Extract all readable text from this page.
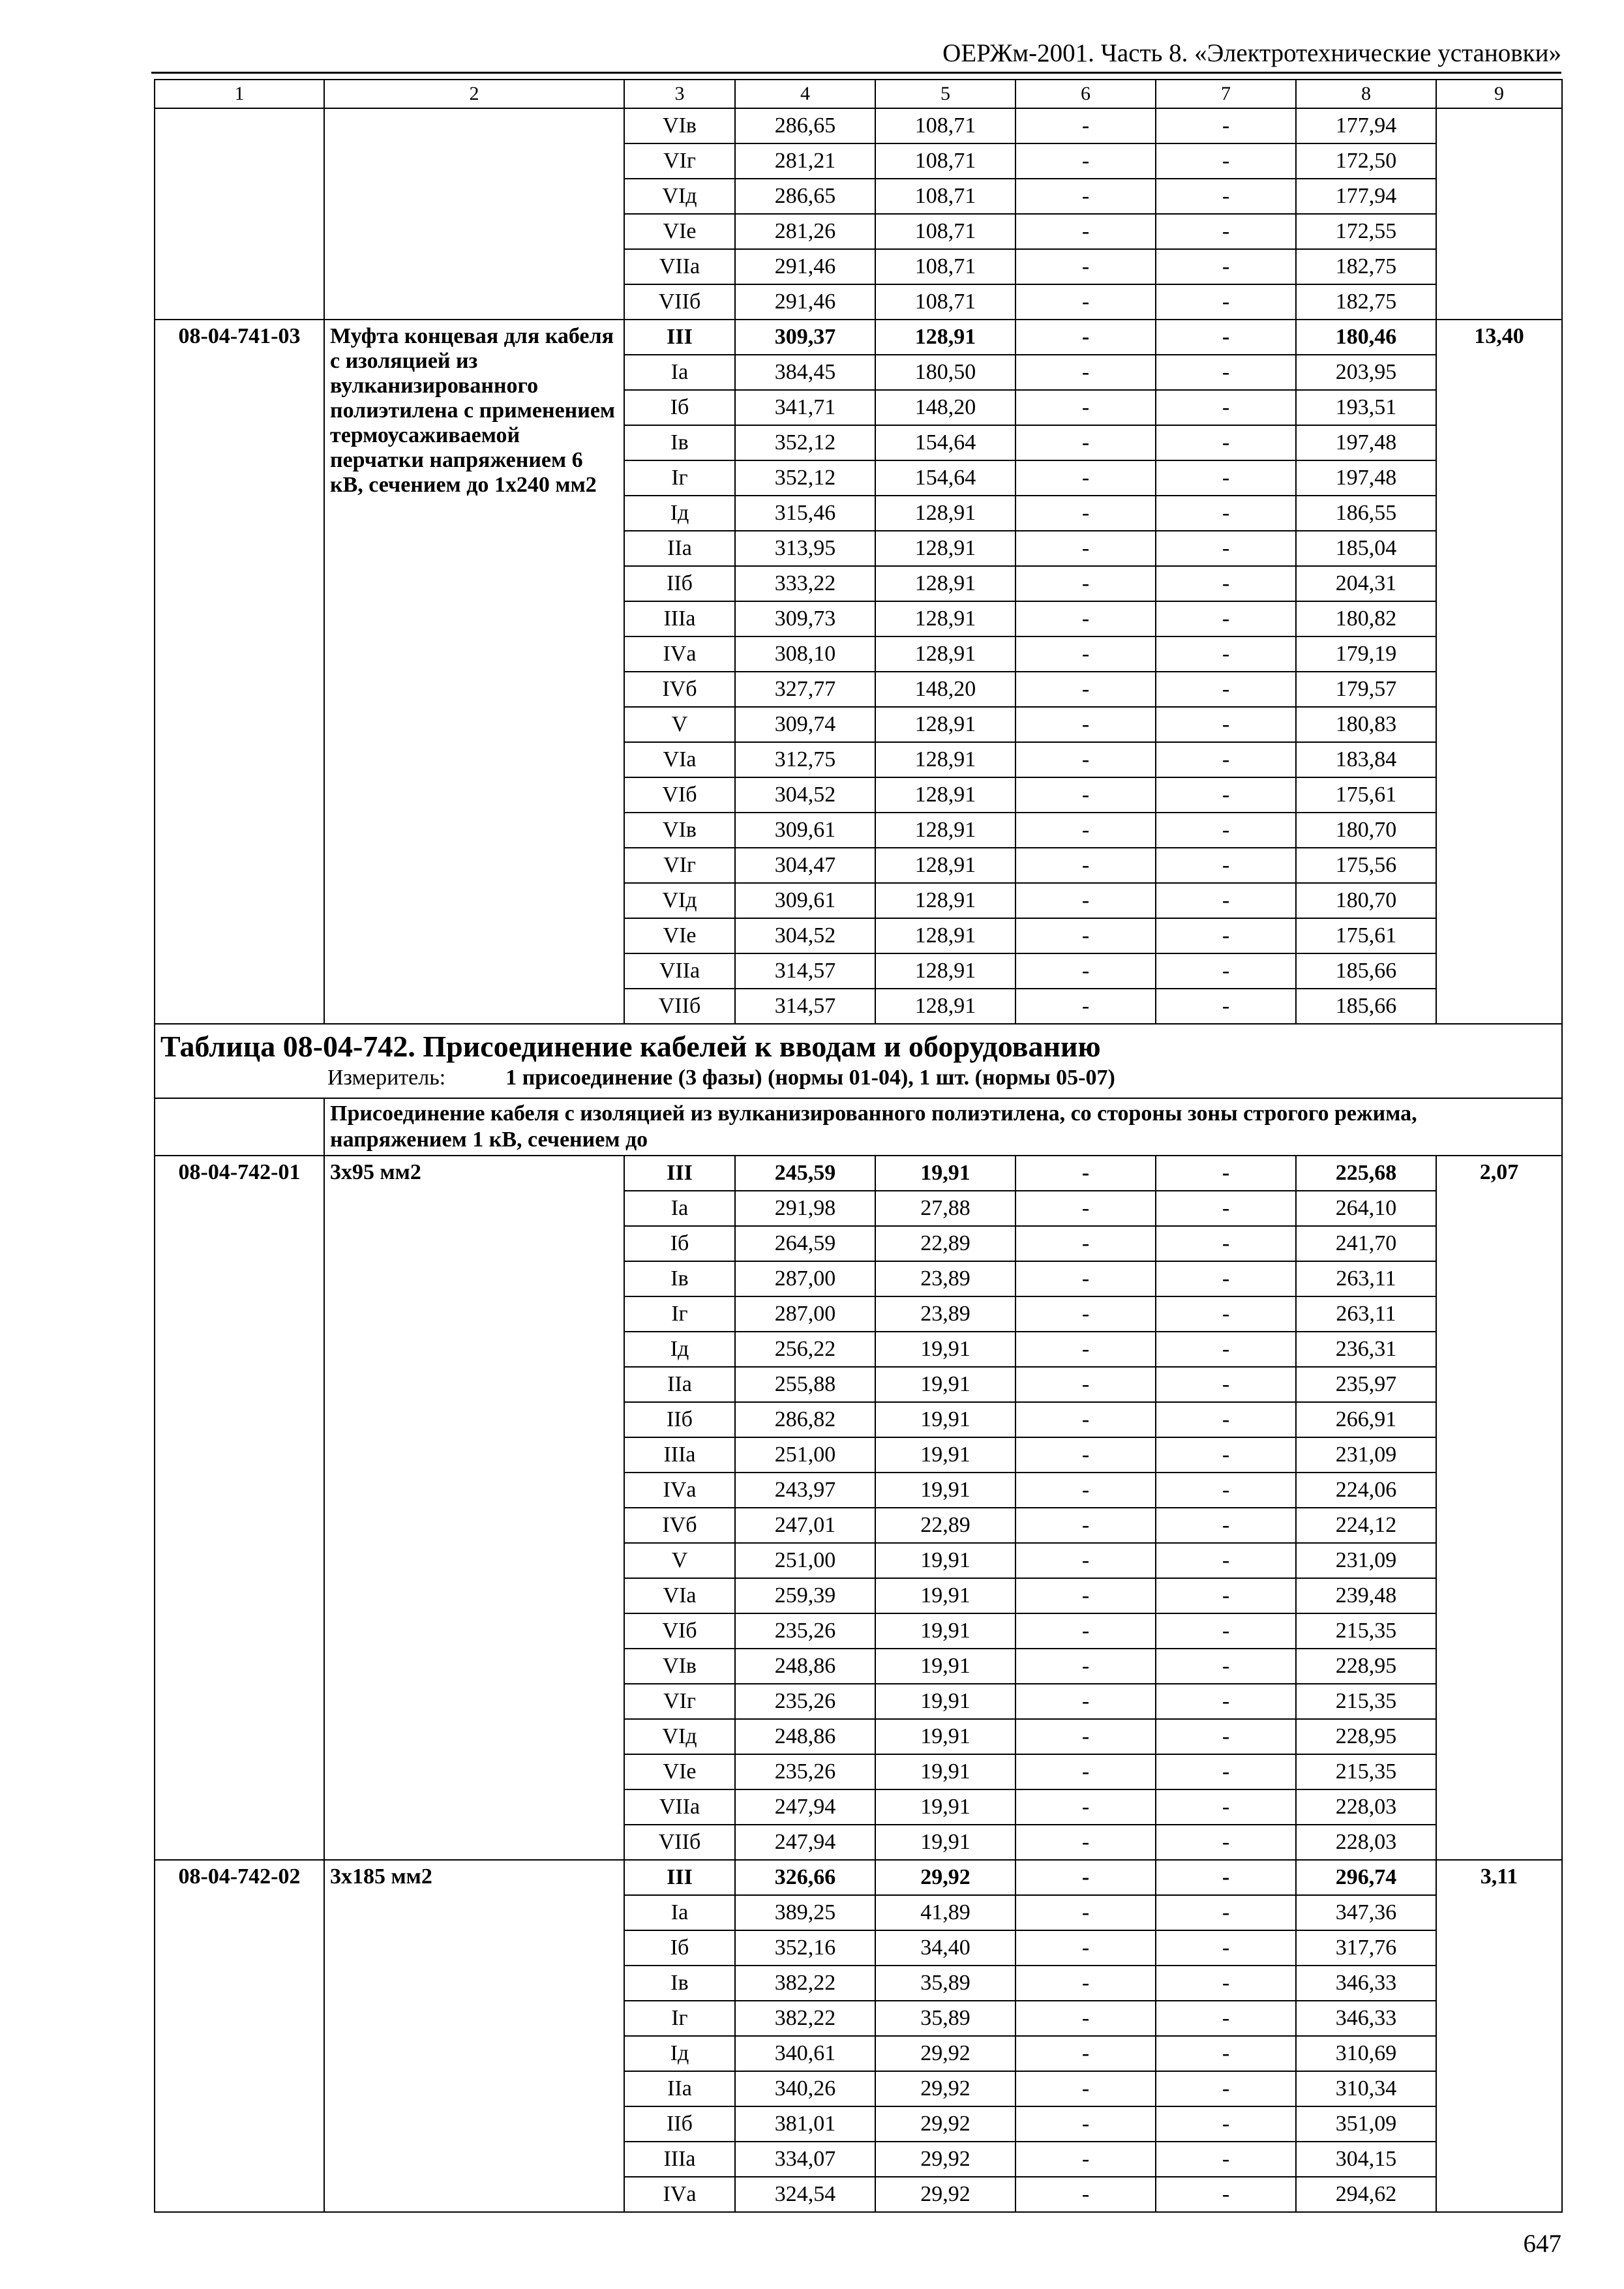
ОЕРЖм-2001. Часть 8. «Электротехнические установки»
1	2	3	4	5	6	7	8	9
		VIв	286,65	108,71	-	-	177,94	
		VIг	281,21	108,71	-	-	172,50	
		VIд	286,65	108,71	-	-	177,94	
		VIе	281,26	108,71	-	-	172,55	
		VIIа	291,46	108,71	-	-	182,75	
		VIIб	291,46	108,71	-	-	182,75	
08-04-741-03	Муфта концевая для кабеля с изоляцией из вулканизированного полиэтилена с применением термоусаживаемой перчатки напряжением 6 кВ, сечением до 1х240 мм2	III	309,37	128,91	-	-	180,46	13,40
		Iа	384,45	180,50	-	-	203,95	
		Iб	341,71	148,20	-	-	193,51	
		Iв	352,12	154,64	-	-	197,48	
		Iг	352,12	154,64	-	-	197,48	
		Iд	315,46	128,91	-	-	186,55	
		IIа	313,95	128,91	-	-	185,04	
		IIб	333,22	128,91	-	-	204,31	
		IIIа	309,73	128,91	-	-	180,82	
		IVа	308,10	128,91	-	-	179,19	
		IVб	327,77	148,20	-	-	179,57	
		V	309,74	128,91	-	-	180,83	
		VIа	312,75	128,91	-	-	183,84	
		VIб	304,52	128,91	-	-	175,61	
		VIв	309,61	128,91	-	-	180,70	
		VIг	304,47	128,91	-	-	175,56	
		VIд	309,61	128,91	-	-	180,70	
		VIе	304,52	128,91	-	-	175,61	
		VIIа	314,57	128,91	-	-	185,66	
		VIIб	314,57	128,91	-	-	185,66	

Таблица 08-04-742. Присоединение кабелей к вводам и оборудованию
Измеритель: 1 присоединение (3 фазы) (нормы 01-04), 1 шт. (нормы 05-07)								

	Присоединение кабеля с изоляцией из вулканизированного полиэтилена, со стороны зоны строгого режима, напряжением 1 кВ, сечением до							
08-04-742-01	3х95 мм2	III	245,59	19,91	-	-	225,68	2,07
		Iа	291,98	27,88	-	-	264,10	
		Iб	264,59	22,89	-	-	241,70	
		Iв	287,00	23,89	-	-	263,11	
		Iг	287,00	23,89	-	-	263,11	
		Iд	256,22	19,91	-	-	236,31	
		IIа	255,88	19,91	-	-	235,97	
		IIб	286,82	19,91	-	-	266,91	
		IIIа	251,00	19,91	-	-	231,09	
		IVа	243,97	19,91	-	-	224,06	
		IVб	247,01	22,89	-	-	224,12	
		V	251,00	19,91	-	-	231,09	
		VIа	259,39	19,91	-	-	239,48	
		VIб	235,26	19,91	-	-	215,35	
		VIв	248,86	19,91	-	-	228,95	
		VIг	235,26	19,91	-	-	215,35	
		VIд	248,86	19,91	-	-	228,95	
		VIе	235,26	19,91	-	-	215,35	
		VIIа	247,94	19,91	-	-	228,03	
		VIIб	247,94	19,91	-	-	228,03	
08-04-742-02	3х185 мм2	III	326,66	29,92	-	-	296,74	3,11
		Iа	389,25	41,89	-	-	347,36	
		Iб	352,16	34,40	-	-	317,76	
		Iв	382,22	35,89	-	-	346,33	
		Iг	382,22	35,89	-	-	346,33	
		Iд	340,61	29,92	-	-	310,69	
		IIа	340,26	29,92	-	-	310,34	
		IIб	381,01	29,92	-	-	351,09	
		IIIа	334,07	29,92	-	-	304,15	
		IVа	324,54	29,92	-	-	294,62	
647
